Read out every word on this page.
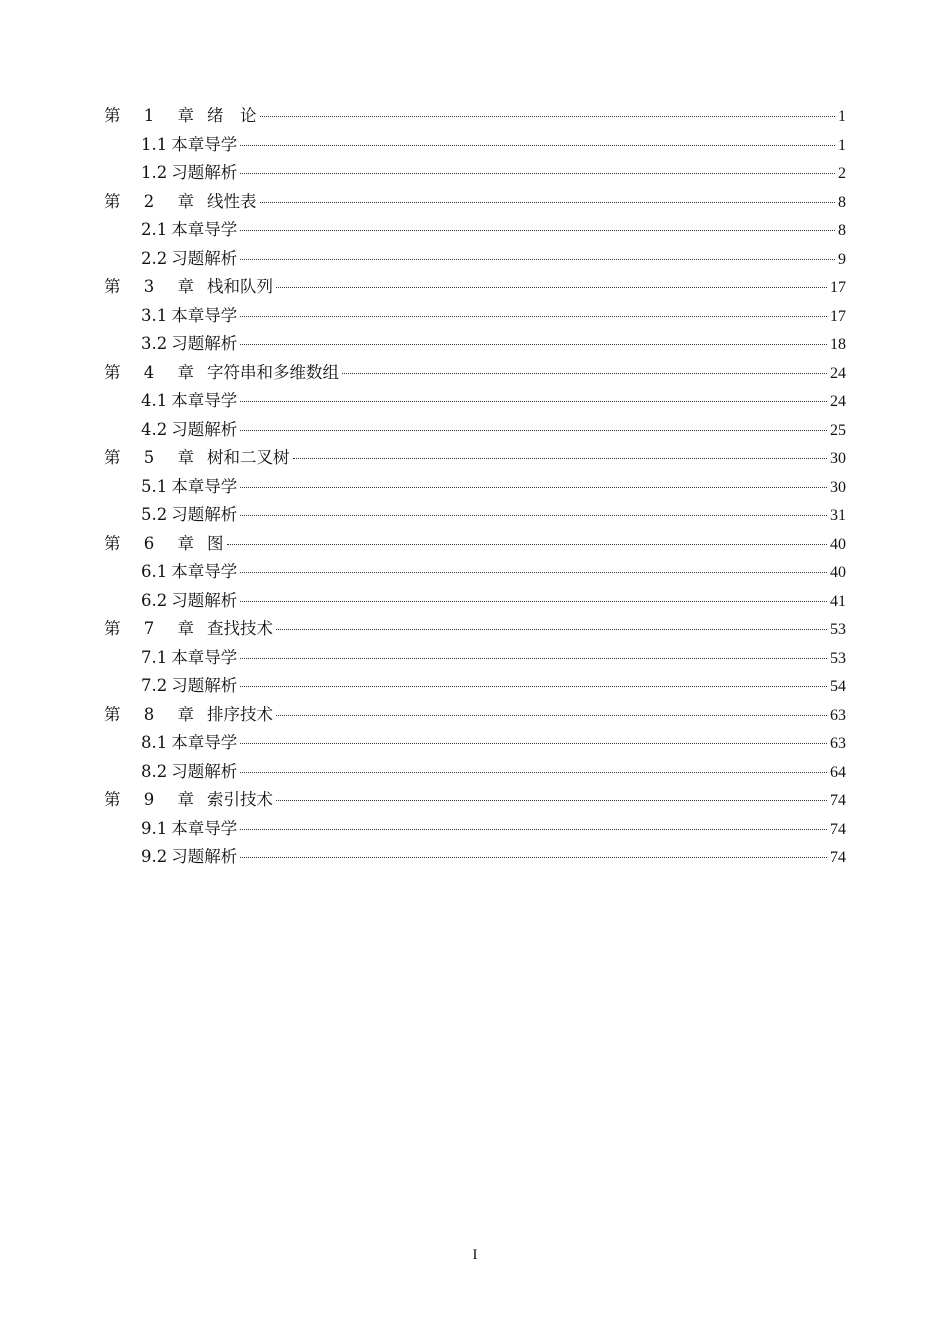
第 1 章 绪　论	1
1.1 本章导学	1
1.2 习题解析	2
第 2 章 线性表	8
2.1 本章导学	8
2.2 习题解析	9
第 3 章 栈和队列	17
3.1 本章导学	17
3.2 习题解析	18
第 4 章 字符串和多维数组	24
4.1 本章导学	24
4.2 习题解析	25
第 5 章 树和二叉树	30
5.1 本章导学	30
5.2 习题解析	31
第 6 章 图	40
6.1 本章导学	40
6.2 习题解析	41
第 7 章 查找技术	53
7.1 本章导学	53
7.2 习题解析	54
第 8 章 排序技术	63
8.1 本章导学	63
8.2 习题解析	64
第 9 章 索引技术	74
9.1 本章导学	74
9.2 习题解析	74
I
